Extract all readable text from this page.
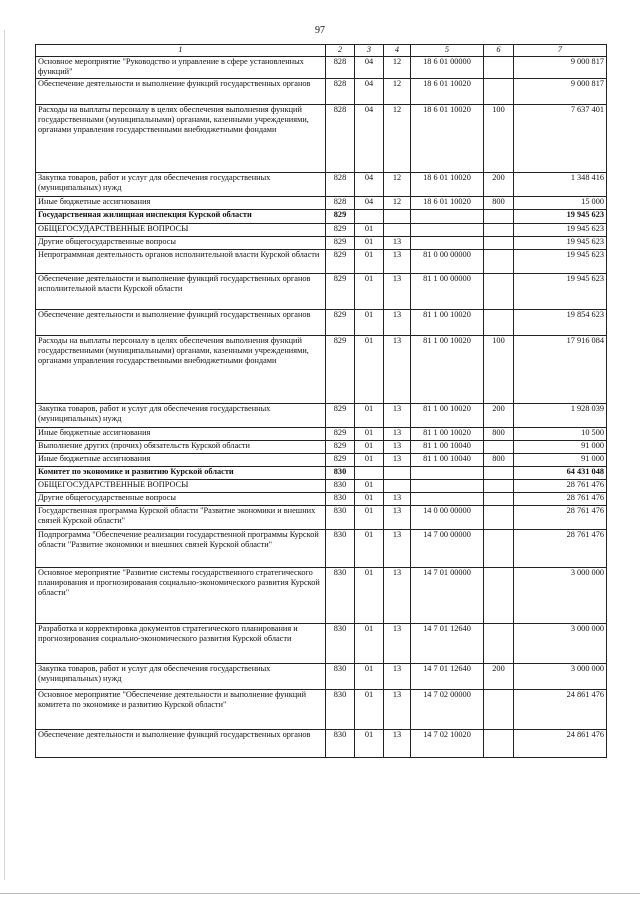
97
1	2	3	4	5	6	7
Основное мероприятие "Руководство и управление в сфере установленных функций"	828	04	12	18 6 01 00000		9 000 817
Обеспечение деятельности и выполнение функций государственных органов	828	04	12	18 6 01 10020		9 000 817
Расходы на выплаты персоналу в целях обеспечения выполнения функций государственными (муниципальными) органами, казенными учреждениями, органами управления государственными внебюджетными фондами	828	04	12	18 6 01 10020	100	7 637 401
Закупка товаров, работ и услуг для обеспечения государственных (муниципальных) нужд	828	04	12	18 6 01 10020	200	1 348 416
Иные бюджетные ассигнования	828	04	12	18 6 01 10020	800	15 000
Государственная жилищная инспекция Курской области	829					19 945 623
ОБЩЕГОСУДАРСТВЕННЫЕ ВОПРОСЫ	829	01				19 945 623
Другие общегосударственные вопросы	829	01	13			19 945 623
Непрограммная деятельность органов исполнительной власти Курской области	829	01	13	81 0 00 00000		19 945 623
Обеспечение деятельности и выполнение функций государственных органов исполнительной власти Курской области	829	01	13	81 1 00 00000		19 945 623
Обеспечение деятельности и выполнение функций государственных органов	829	01	13	81 1 00 10020		19 854 623
Расходы на выплаты персоналу в целях обеспечения выполнения функций государственными (муниципальными) органами, казенными учреждениями, органами управления государственными внебюджетными фондами	829	01	13	81 1 00 10020	100	17 916 084
Закупка товаров, работ и услуг для обеспечения государственных (муниципальных) нужд	829	01	13	81 1 00 10020	200	1 928 039
Иные бюджетные ассигнования	829	01	13	81 1 00 10020	800	10 500
Выполнение других (прочих) обязательств Курской области	829	01	13	81 1 00 10040		91 000
Иные бюджетные ассигнования	829	01	13	81 1 00 10040	800	91 000
Комитет по экономике и развитию Курской области	830					64 431 048
ОБЩЕГОСУДАРСТВЕННЫЕ ВОПРОСЫ	830	01				28 761 476
Другие общегосударственные вопросы	830	01	13			28 761 476
Государственная программа Курской области "Развитие экономики и внешних связей Курской области"	830	01	13	14 0 00 00000		28 761 476
Подпрограмма "Обеспечение реализации государственной программы Курской области "Развитие экономики и внешних связей Курской области"	830	01	13	14 7 00 00000		28 761 476
Основное мероприятие "Развитие системы государственного стратегического планирования и прогнозирования социально-экономического развития Курской области"	830	01	13	14 7 01 00000		3 000 000
Разработка и корректировка документов стратегического планирования и прогнозирования социально-экономического развития Курской области	830	01	13	14 7 01 12640		3 000 000
Закупка товаров, работ и услуг для обеспечения государственных (муниципальных) нужд	830	01	13	14 7 01 12640	200	3 000 000
Основное мероприятие "Обеспечение деятельности и выполнение функций комитета по экономике и развитию Курской области"	830	01	13	14 7 02 00000		24 861 476
Обеспечение деятельности и выполнение функций государственных органов	830	01	13	14 7 02 10020		24 861 476
